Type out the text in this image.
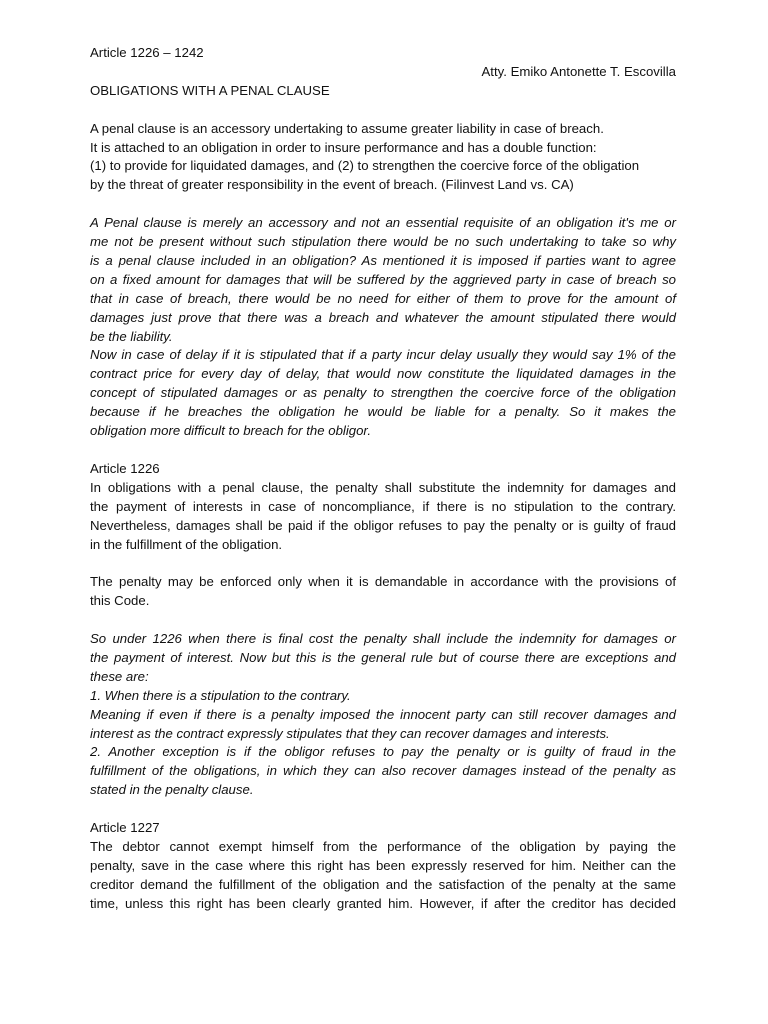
Article 1226 – 1242
Atty. Emiko Antonette T. Escovilla
OBLIGATIONS WITH A PENAL CLAUSE
A penal clause is an accessory undertaking to assume greater liability in case of breach.
It is attached to an obligation in order to insure performance and has a double function:
(1) to provide for liquidated damages, and (2) to strengthen the coercive force of the obligation
by the threat of greater responsibility in the event of breach. (Filinvest Land vs. CA)
A Penal clause is merely an accessory and not an essential requisite of an obligation it's me or
me not be present without such stipulation there would be no such undertaking to take so why
is a penal clause included in an obligation? As mentioned it is imposed if parties want to agree
on a fixed amount for damages that will be suffered by the aggrieved party in case of breach so
that in case of breach, there would be no need for either of them to prove for the amount of
damages just prove that there was a breach and whatever the amount stipulated there would
be the liability.
Now in case of delay if it is stipulated that if a party incur delay usually they would say 1% of the
contract price for every day of delay, that would now constitute the liquidated damages in the
concept of stipulated damages or as penalty to strengthen the coercive force of the obligation
because if he breaches the obligation he would be liable for a penalty. So it makes the
obligation more difficult to breach for the obligor.
Article 1226
In obligations with a penal clause, the penalty shall substitute the indemnity for damages and
the payment of interests in case of noncompliance, if there is no stipulation to the contrary.
Nevertheless, damages shall be paid if the obligor refuses to pay the penalty or is guilty of fraud
in the fulfillment of the obligation.
The penalty may be enforced only when it is demandable in accordance with the provisions of
this Code.
So under 1226 when there is final cost the penalty shall include the indemnity for damages or
the payment of interest. Now but this is the general rule but of course there are exceptions and
these are:
1. When there is a stipulation to the contrary.
Meaning if even if there is a penalty imposed the innocent party can still recover damages and
interest as the contract expressly stipulates that they can recover damages and interests.
2. Another exception is if the obligor refuses to pay the penalty or is guilty of fraud in the
fulfillment of the obligations, in which they can also recover damages instead of the penalty as
stated in the penalty clause.
Article 1227
The debtor cannot exempt himself from the performance of the obligation by paying the
penalty, save in the case where this right has been expressly reserved for him. Neither can the
creditor demand the fulfillment of the obligation and the satisfaction of the penalty at the same
time, unless this right has been clearly granted him. However, if after the creditor has decided
